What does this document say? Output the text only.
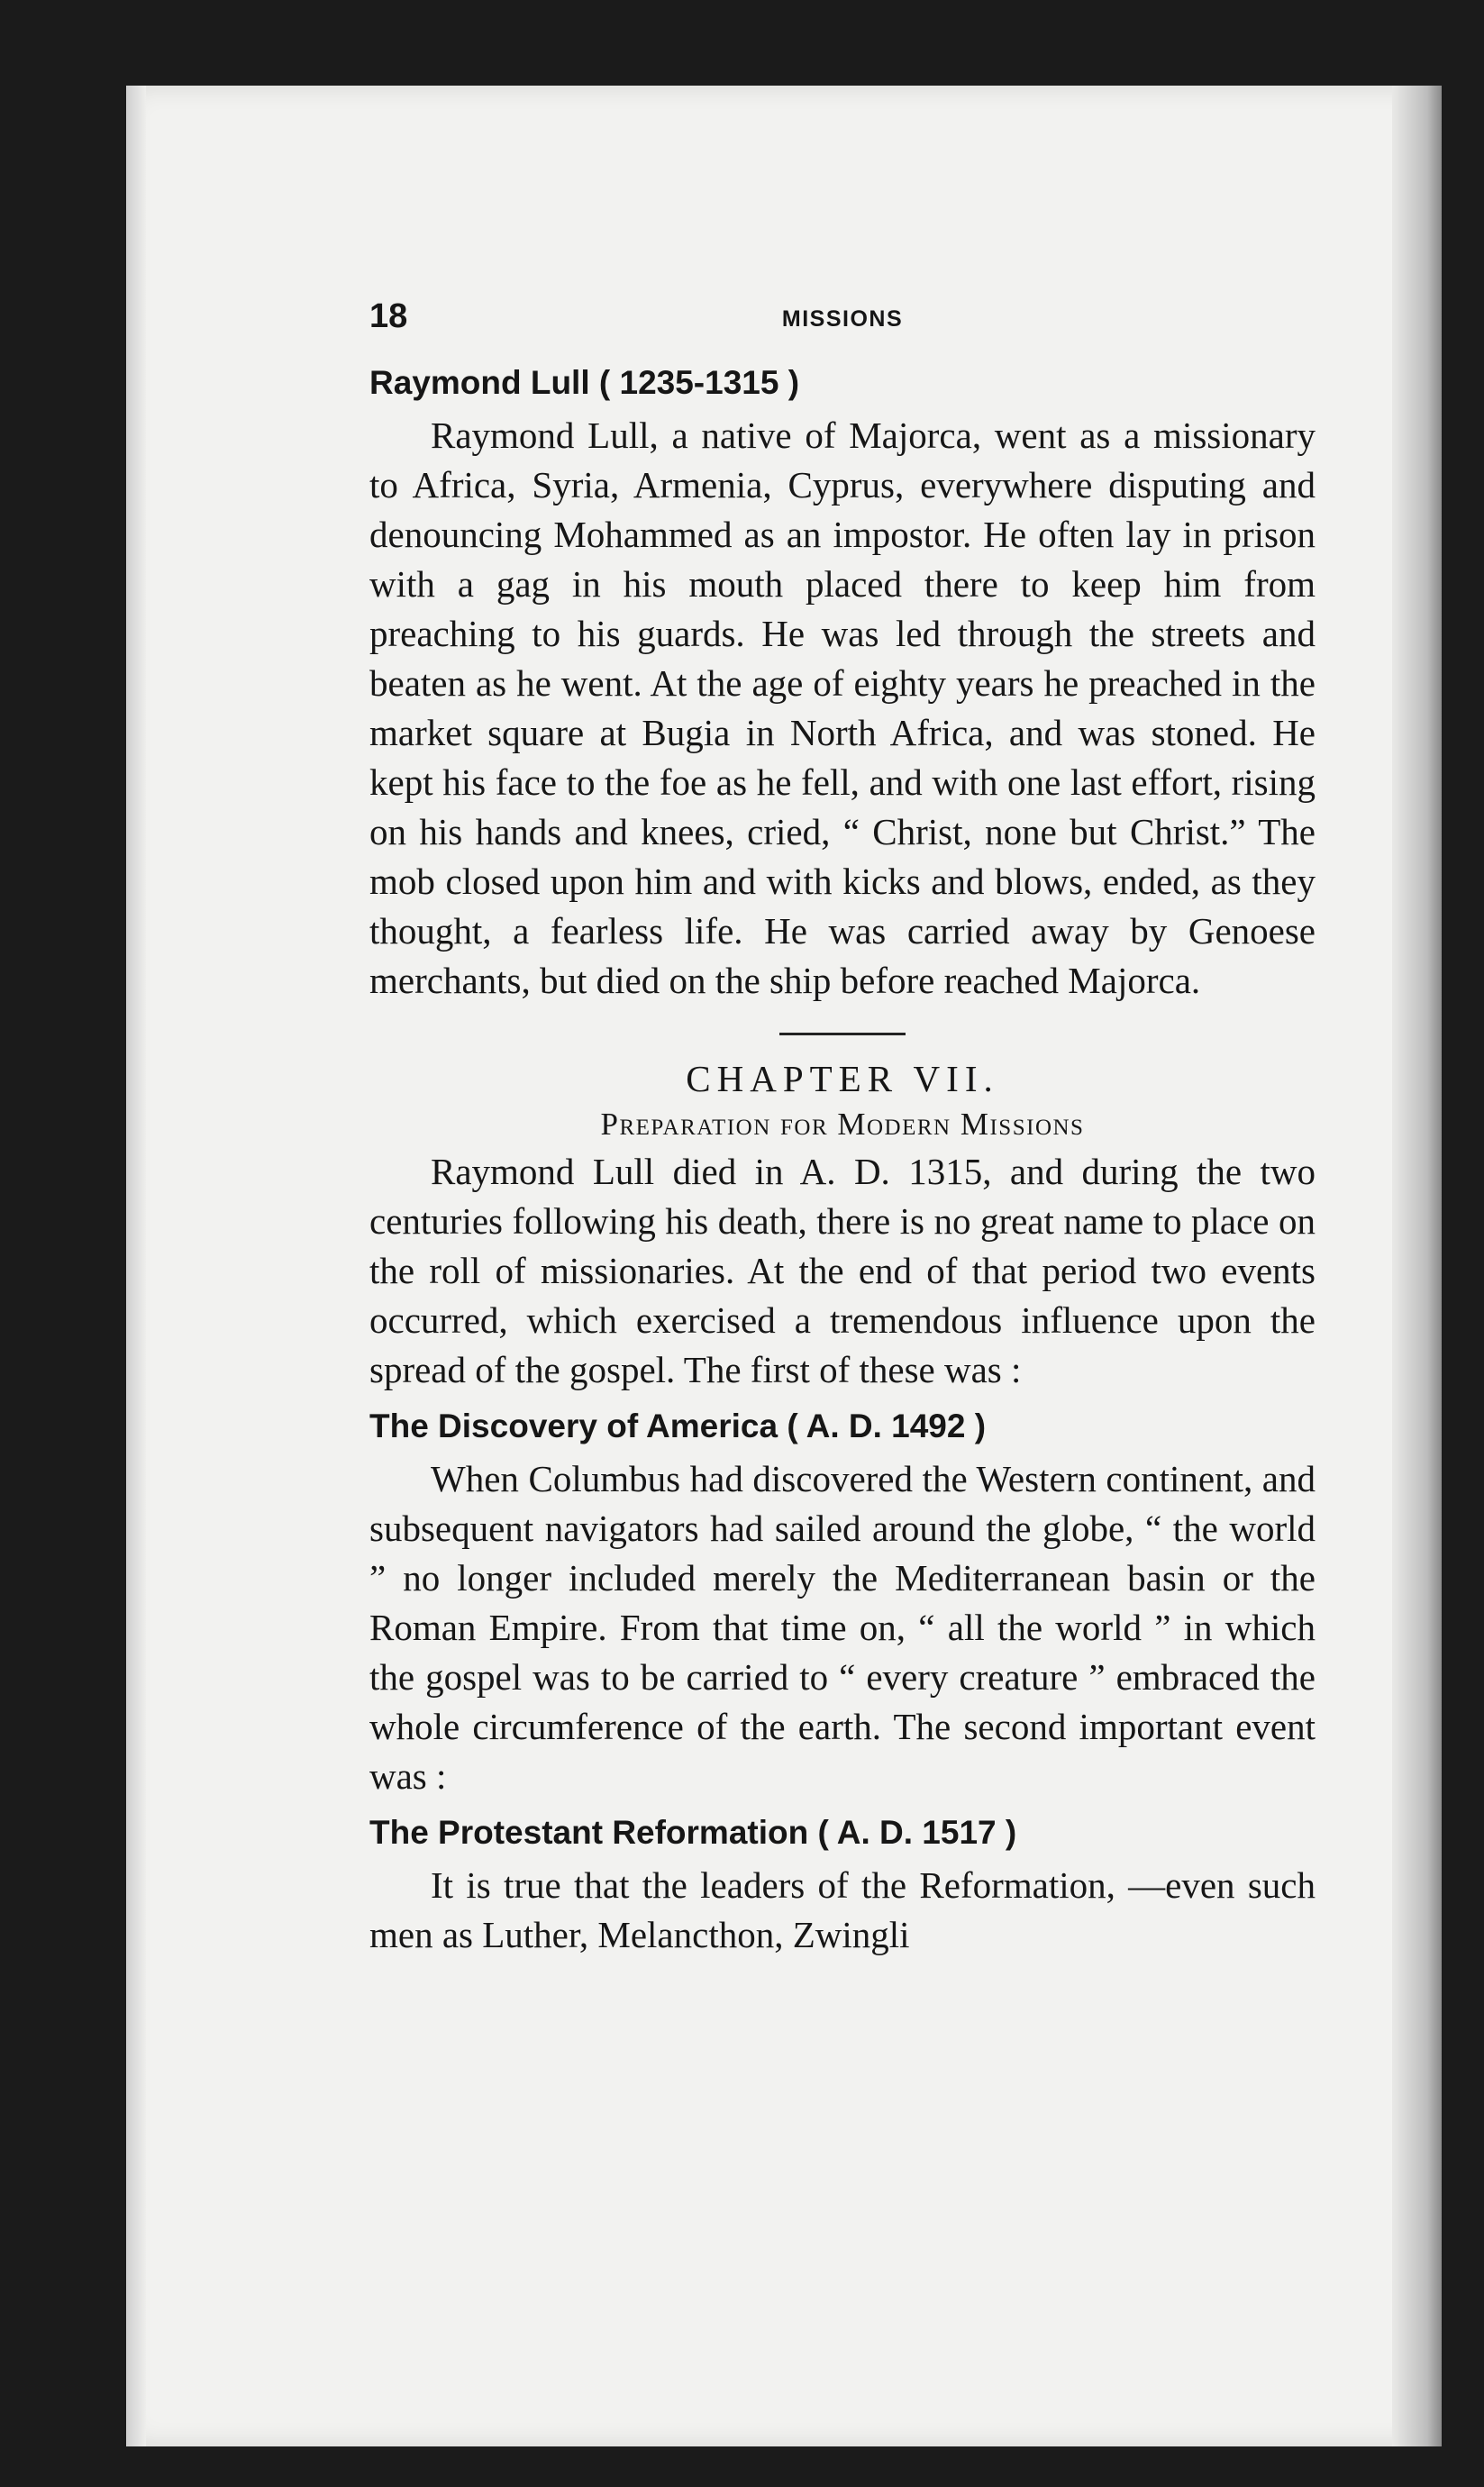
18	MISSIONS
Raymond Lull ( 1235-1315 )

Raymond Lull, a native of Majorca, went as a missionary to Africa, Syria, Armenia, Cyprus, everywhere disputing and denouncing Mohammed as an impostor. He often lay in prison with a gag in his mouth placed there to keep him from preaching to his guards. He was led through the streets and beaten as he went. At the age of eighty years he preached in the market square at Bugia in North Africa, and was stoned. He kept his face to the foe as he fell, and with one last effort, rising on his hands and knees, cried, “ Christ, none but Christ.” The mob closed upon him and with kicks and blows, ended, as they thought, a fearless life. He was carried away by Genoese merchants, but died on the ship before reached Majorca.

CHAPTER VII.
Preparation for Modern Missions

Raymond Lull died in A. D. 1315, and during the two centuries following his death, there is no great name to place on the roll of missionaries. At the end of that period two events occurred, which exercised a tremendous influence upon the spread of the gospel. The first of these was :

The Discovery of America ( A. D. 1492 )

When Columbus had discovered the Western continent, and subsequent navigators had sailed around the globe, “ the world ” no longer included merely the Mediterranean basin or the Roman Empire. From that time on, “ all the world ” in which the gospel was to be carried to “ every creature ” embraced the whole circumference of the earth. The second important event was :

The Protestant Reformation ( A. D. 1517 )

It is true that the leaders of the Reformation, —even such men as Luther, Melancthon, Zwingli
